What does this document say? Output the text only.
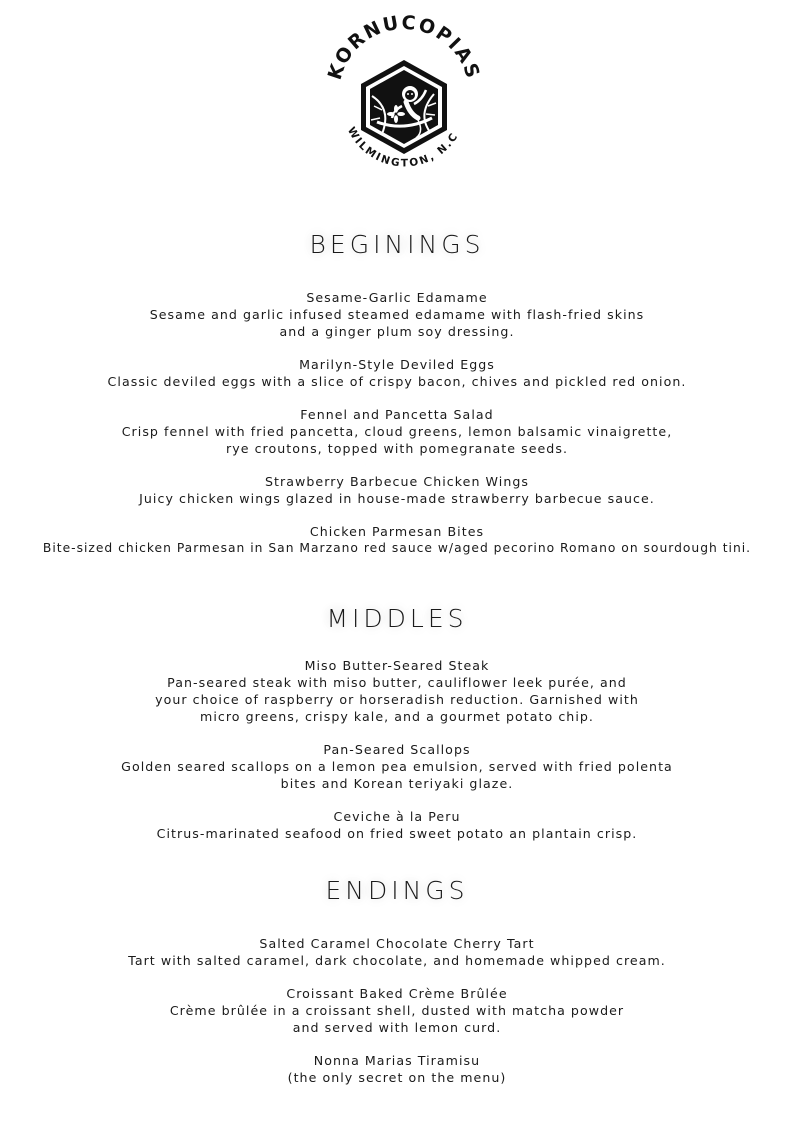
KORNUCOPIAS
WILMINGTON, N.C
BEGININGS
Sesame-Garlic Edamame
Sesame and garlic infused steamed edamame with flash-fried skins
and a ginger plum soy dressing.
Marilyn-Style Deviled Eggs
Classic deviled eggs with a slice of crispy bacon, chives and pickled red onion.
Fennel and Pancetta Salad
Crisp fennel with fried pancetta, cloud greens, lemon balsamic vinaigrette,
rye croutons, topped with pomegranate seeds.
Strawberry Barbecue Chicken Wings
Juicy chicken wings glazed in house-made strawberry barbecue sauce.
Chicken Parmesan Bites
Bite-sized chicken Parmesan in San Marzano red sauce w/aged pecorino Romano on sourdough tini.
MIDDLES
Miso Butter-Seared Steak
Pan-seared steak with miso butter, cauliflower leek purée, and
your choice of raspberry or horseradish reduction. Garnished with
micro greens, crispy kale, and a gourmet potato chip.
Pan-Seared Scallops
Golden seared scallops on a lemon pea emulsion, served with fried polenta
bites and Korean teriyaki glaze.
Ceviche à la Peru
Citrus-marinated seafood on fried sweet potato an plantain crisp.
ENDINGS
Salted Caramel Chocolate Cherry Tart
Tart with salted caramel, dark chocolate, and homemade whipped cream.
Croissant Baked Crème Brûlée
Crème brûlée in a croissant shell, dusted with matcha powder
and served with lemon curd.
Nonna Marias Tiramisu
(the only secret on the menu)
